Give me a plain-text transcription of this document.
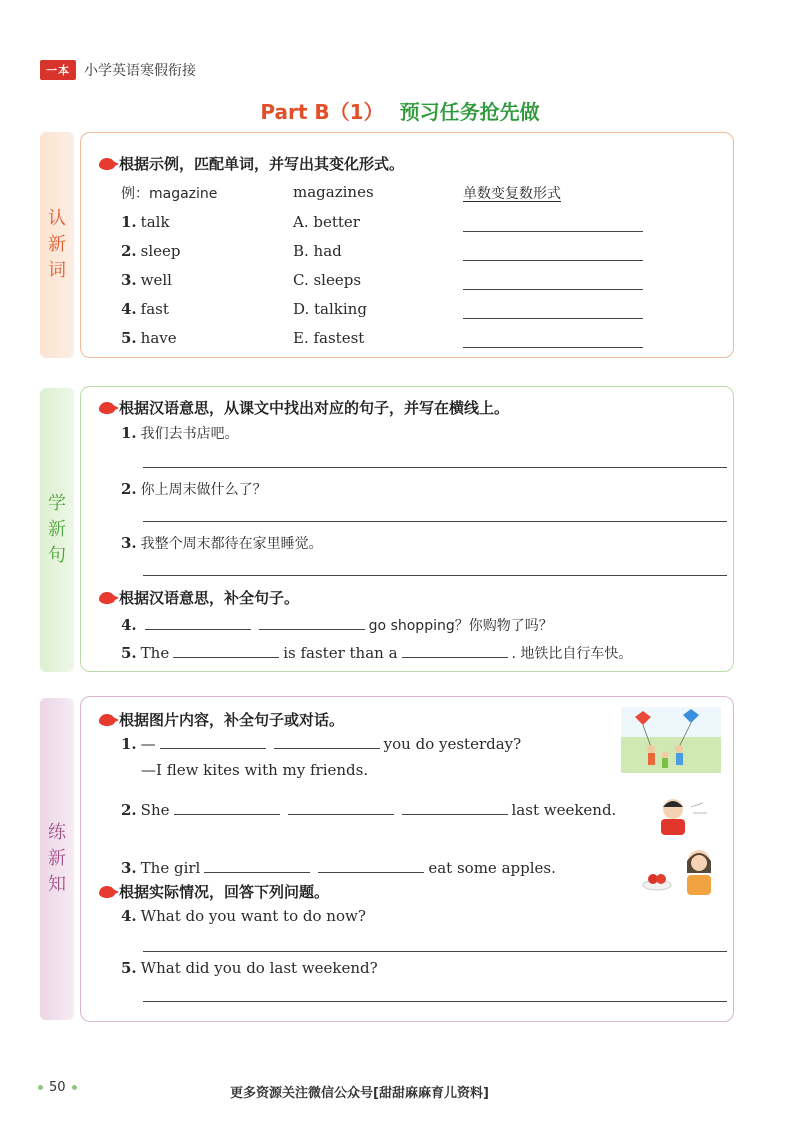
一本	小学英语寒假衔接
Part B（1） 预习任务抢先做
认
新
词
学
新
句
练
新
知
根据示例，匹配单词，并写出其变化形式。
例：magazine	magazines	单数变复数形式
1. talk	A. better
2. sleep	B. had
3. well	C. sleeps
4. fast	D. talking
5. have	E. fastest
根据汉语意思，从课文中找出对应的句子，并写在横线上。
1. 我们去书店吧。
2. 你上周末做什么了？
3. 我整个周末都待在家里睡觉。
根据汉语意思，补全句子。
4.	go shopping？你购物了吗？
5. The	is faster than a	. 地铁比自行车快。
根据图片内容，补全句子或对话。
1. —	you do yesterday?
—I flew kites with my friends.
2. She	last weekend.
3. The girl	eat some apples.
根据实际情况，回答下列问题。
4. What do you want to do now?
5. What did you do last weekend?
50	更多资源关注微信公众号[甜甜麻麻育儿资料]
